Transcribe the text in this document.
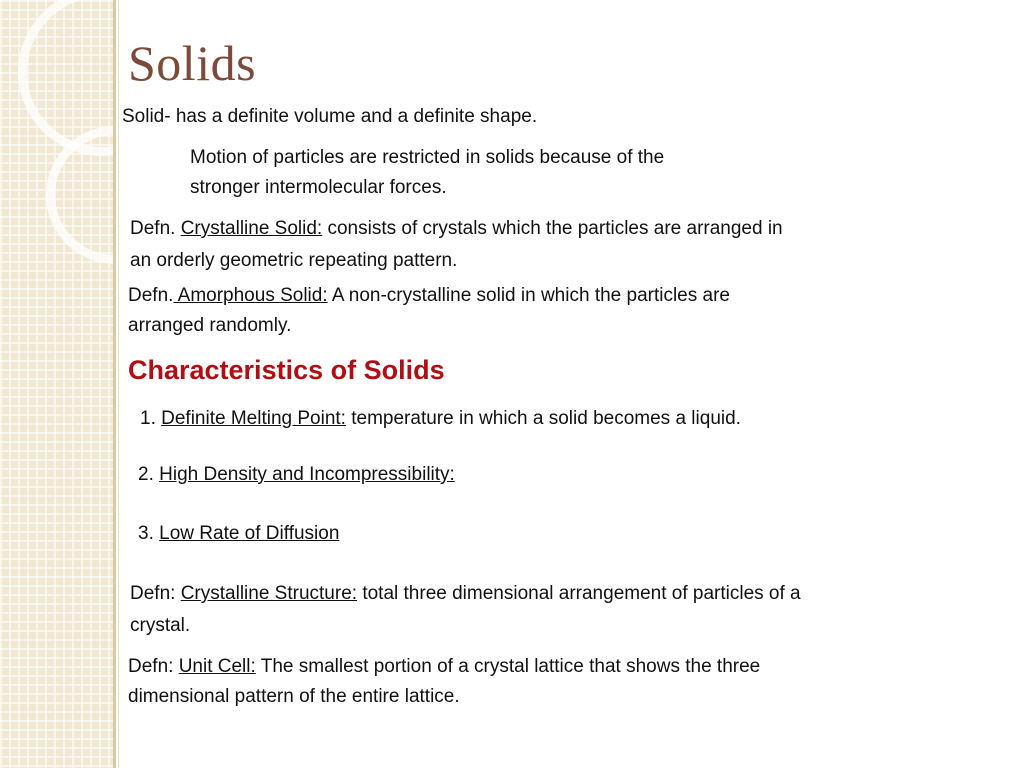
Solids
Solid- has a definite volume and a definite shape.
Motion of particles are restricted in solids because of the
stronger intermolecular forces.
Defn. Crystalline Solid: consists of crystals which the particles are arranged in
an orderly geometric repeating pattern.
Defn. Amorphous Solid: A non-crystalline solid in which the particles are
arranged randomly.
Characteristics of Solids
1. Definite Melting Point: temperature in which a solid becomes a liquid.
2. High Density and Incompressibility:
3. Low Rate of Diffusion
Defn: Crystalline Structure: total three dimensional arrangement of particles of a
crystal.
Defn: Unit Cell: The smallest portion of a crystal lattice that shows the three
dimensional pattern of the entire lattice.
